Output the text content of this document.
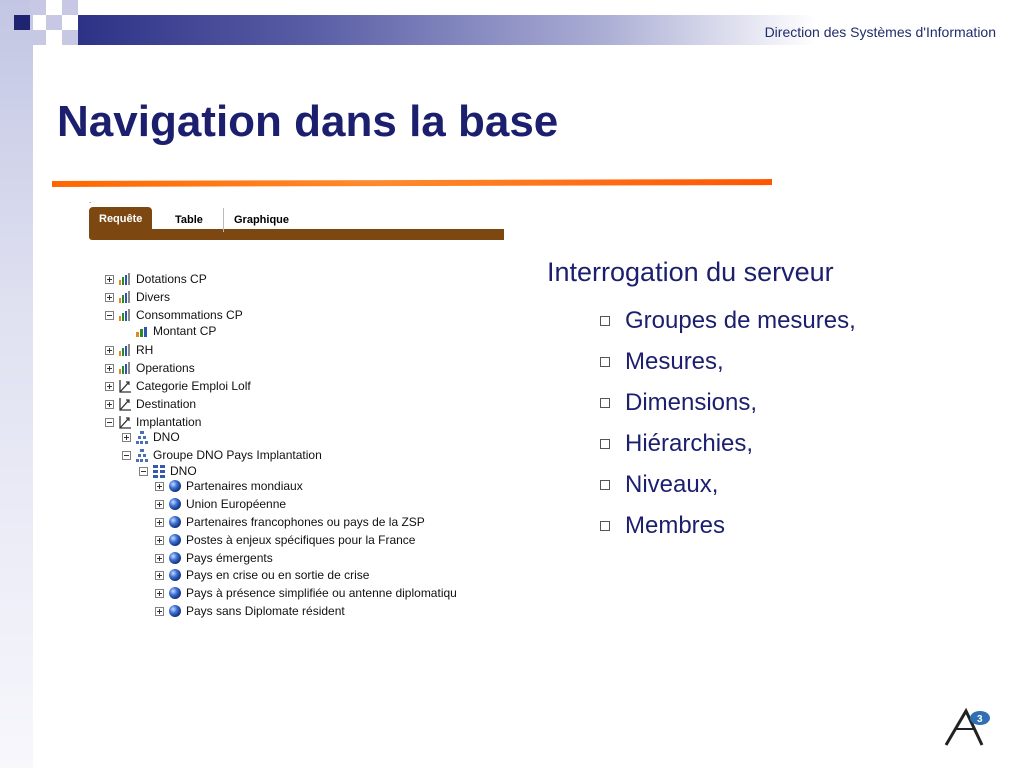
Direction des Systèmes d'Information
Navigation dans la base
.
Requête	Table	Graphique
Dotations CP
Divers
Consommations CP
Montant CP
RH
Operations
Categorie Emploi Lolf
Destination
Implantation
DNO
Groupe DNO Pays Implantation
DNO
Partenaires mondiaux
Union Européenne
Partenaires francophones ou pays de la ZSP
Postes à enjeux spécifiques pour la France
Pays émergents
Pays en crise ou en sortie de crise
Pays à présence simplifiée ou antenne diplomatiqu
Pays sans Diplomate résident
Interrogation du serveur
Groupes de mesures,
Mesures,
Dimensions,
Hiérarchies,
Niveaux,
Membres
3
